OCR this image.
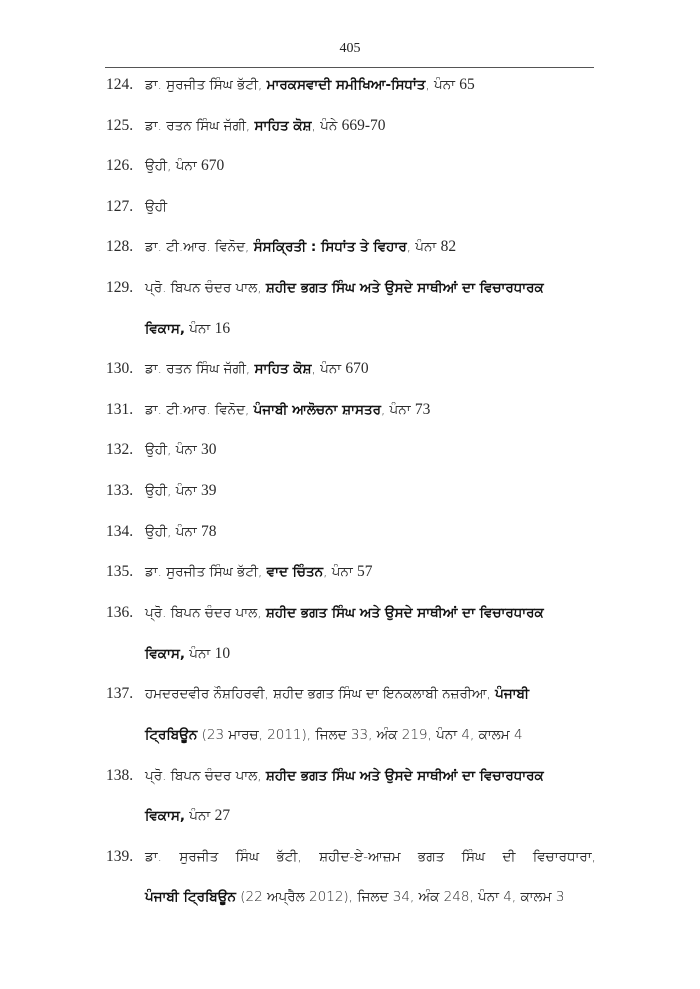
405
124. ਡਾ. ਸੁਰਜੀਤ ਸਿੰਘ ਭੱਟੀ, ਮਾਰਕਸਵਾਦੀ ਸਮੀਖਿਆ-ਸਿਧਾਂਤ, ਪੰਨਾ 65
125. ਡਾ. ਰਤਨ ਸਿੰਘ ਜੱਗੀ, ਸਾਹਿਤ ਕੋਸ਼, ਪੰਨੇ 669-70
126. ਉਹੀ, ਪੰਨਾ 670
127. ਉਹੀ
128. ਡਾ. ਟੀ.ਆਰ. ਵਿਨੋਦ, ਸੰਸਕ੍ਰਿਤੀ : ਸਿਧਾਂਤ ਤੇ ਵਿਹਾਰ, ਪੰਨਾ 82
129. ਪ੍ਰੋ. ਬਿਪਨ ਚੰਦਰ ਪਾਲ, ਸ਼ਹੀਦ ਭਗਤ ਸਿੰਘ ਅਤੇ ਉਸਦੇ ਸਾਥੀਆਂ ਦਾ ਵਿਚਾਰਧਾਰਕ
ਵਿਕਾਸ, ਪੰਨਾ 16
130. ਡਾ. ਰਤਨ ਸਿੰਘ ਜੱਗੀ, ਸਾਹਿਤ ਕੋਸ਼, ਪੰਨਾ 670
131. ਡਾ. ਟੀ.ਆਰ. ਵਿਨੋਦ, ਪੰਜਾਬੀ ਆਲੋਚਨਾ ਸ਼ਾਸਤਰ, ਪੰਨਾ 73
132. ਉਹੀ, ਪੰਨਾ 30
133. ਉਹੀ, ਪੰਨਾ 39
134. ਉਹੀ, ਪੰਨਾ 78
135. ਡਾ. ਸੁਰਜੀਤ ਸਿੰਘ ਭੱਟੀ, ਵਾਦ ਚਿੰਤਨ, ਪੰਨਾ 57
136. ਪ੍ਰੋ. ਬਿਪਨ ਚੰਦਰ ਪਾਲ, ਸ਼ਹੀਦ ਭਗਤ ਸਿੰਘ ਅਤੇ ਉਸਦੇ ਸਾਥੀਆਂ ਦਾ ਵਿਚਾਰਧਾਰਕ
ਵਿਕਾਸ, ਪੰਨਾ 10
137. ਹਮਦਰਦਵੀਰ ਨੌਸ਼ਹਿਰਵੀ, ਸ਼ਹੀਦ ਭਗਤ ਸਿੰਘ ਦਾ ਇਨਕਲਾਬੀ ਨਜ਼ਰੀਆ, ਪੰਜਾਬੀ
ਟ੍ਰਿਬਿਊਨ (23 ਮਾਰਚ, 2011), ਜਿਲਦ 33, ਅੰਕ 219, ਪੰਨਾ 4, ਕਾਲਮ 4
138. ਪ੍ਰੋ. ਬਿਪਨ ਚੰਦਰ ਪਾਲ, ਸ਼ਹੀਦ ਭਗਤ ਸਿੰਘ ਅਤੇ ਉਸਦੇ ਸਾਥੀਆਂ ਦਾ ਵਿਚਾਰਧਾਰਕ
ਵਿਕਾਸ, ਪੰਨਾ 27
139. ਡਾ. ਸੁਰਜੀਤ ਸਿੰਘ ਭੱਟੀ, ਸ਼ਹੀਦ-ਏ-ਆਜ਼ਮ ਭਗਤ ਸਿੰਘ ਦੀ ਵਿਚਾਰਧਾਰਾ,
ਪੰਜਾਬੀ ਟ੍ਰਿਬਿਊਨ (22 ਅਪ੍ਰੈਲ 2012), ਜਿਲਦ 34, ਅੰਕ 248, ਪੰਨਾ 4, ਕਾਲਮ 3
